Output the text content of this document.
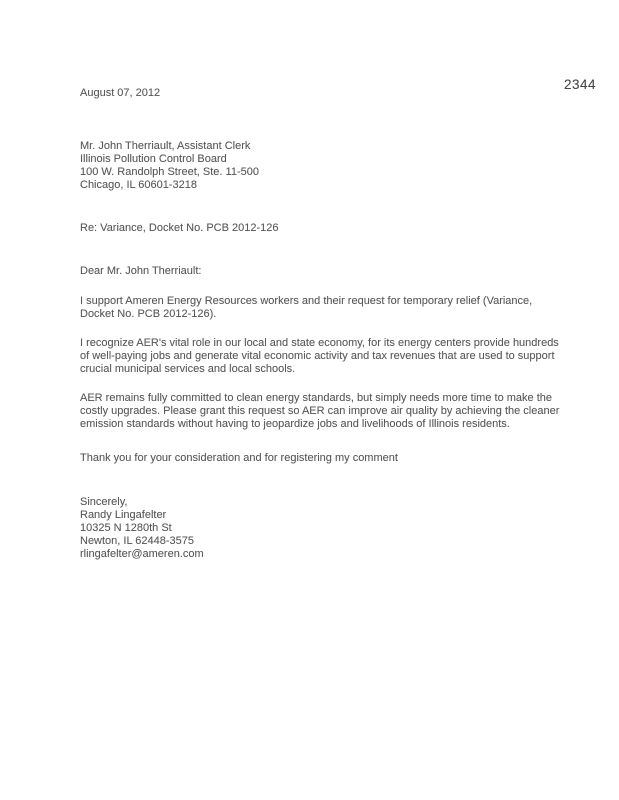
2344
August 07, 2012
Mr. John Therriault, Assistant Clerk
Illinois Pollution Control Board
100 W. Randolph Street, Ste. 11-500
Chicago, IL 60601-3218

Re: Variance, Docket No. PCB 2012-126

Dear Mr. John Therriault:

I support Ameren Energy Resources workers and their request for temporary relief (Variance, Docket No. PCB 2012-126).

I recognize AER's vital role in our local and state economy, for its energy centers provide hundreds of well-paying jobs and generate vital economic activity and tax revenues that are used to support crucial municipal services and local schools.

AER remains fully committed to clean energy standards, but simply needs more time to make the costly upgrades. Please grant this request so AER can improve air quality by achieving the cleaner emission standards without having to jeopardize jobs and livelihoods of Illinois residents.

Thank you for your consideration and for registering my comment

Sincerely,
Randy Lingafelter
10325 N 1280th St
Newton, IL 62448-3575
rlingafelter@ameren.com
